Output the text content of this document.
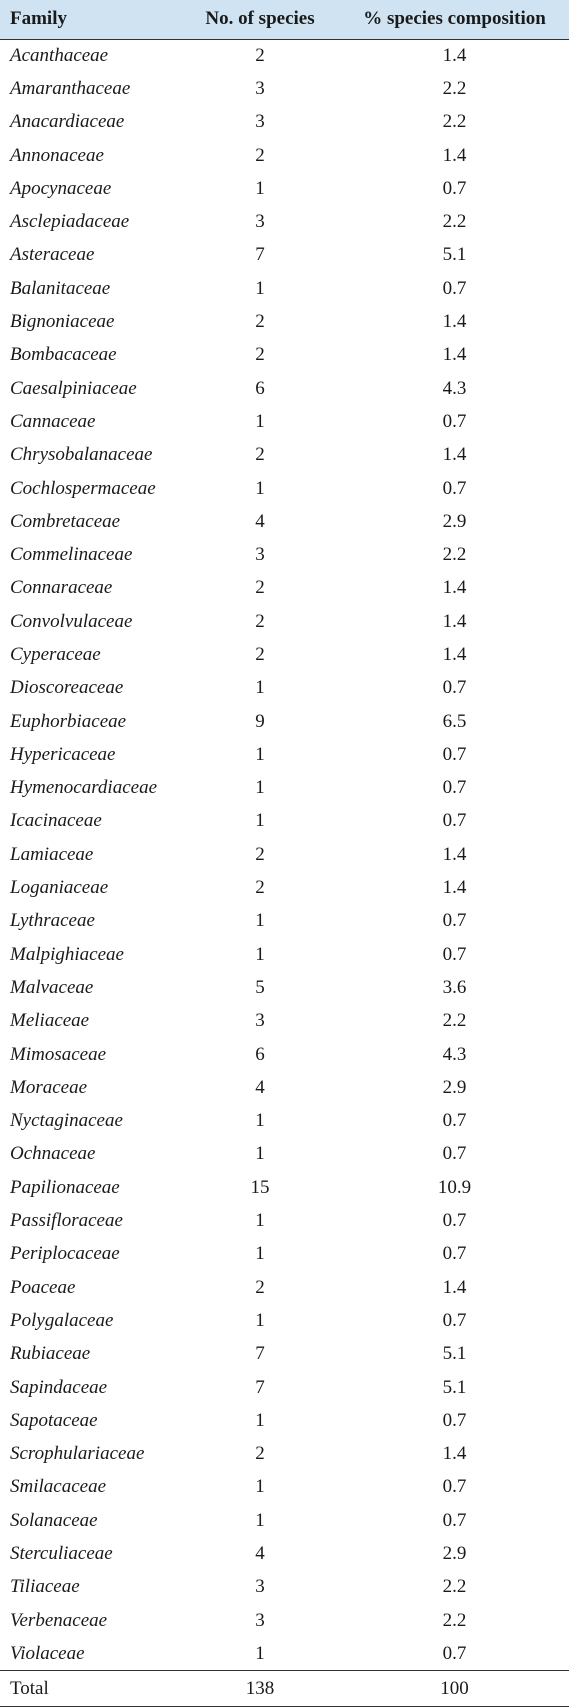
Family	No. of species	% species composition
Acanthaceae	2	1.4
Amaranthaceae	3	2.2
Anacardiaceae	3	2.2
Annonaceae	2	1.4
Apocynaceae	1	0.7
Asclepiadaceae	3	2.2
Asteraceae	7	5.1
Balanitaceae	1	0.7
Bignoniaceae	2	1.4
Bombacaceae	2	1.4
Caesalpiniaceae	6	4.3
Cannaceae	1	0.7
Chrysobalanaceae	2	1.4
Cochlospermaceae	1	0.7
Combretaceae	4	2.9
Commelinaceae	3	2.2
Connaraceae	2	1.4
Convolvulaceae	2	1.4
Cyperaceae	2	1.4
Dioscoreaceae	1	0.7
Euphorbiaceae	9	6.5
Hypericaceae	1	0.7
Hymenocardiaceae	1	0.7
Icacinaceae	1	0.7
Lamiaceae	2	1.4
Loganiaceae	2	1.4
Lythraceae	1	0.7
Malpighiaceae	1	0.7
Malvaceae	5	3.6
Meliaceae	3	2.2
Mimosaceae	6	4.3
Moraceae	4	2.9
Nyctaginaceae	1	0.7
Ochnaceae	1	0.7
Papilionaceae	15	10.9
Passifloraceae	1	0.7
Periplocaceae	1	0.7
Poaceae	2	1.4
Polygalaceae	1	0.7
Rubiaceae	7	5.1
Sapindaceae	7	5.1
Sapotaceae	1	0.7
Scrophulariaceae	2	1.4
Smilacaceae	1	0.7
Solanaceae	1	0.7
Sterculiaceae	4	2.9
Tiliaceae	3	2.2
Verbenaceae	3	2.2
Violaceae	1	0.7
Total	138	100
